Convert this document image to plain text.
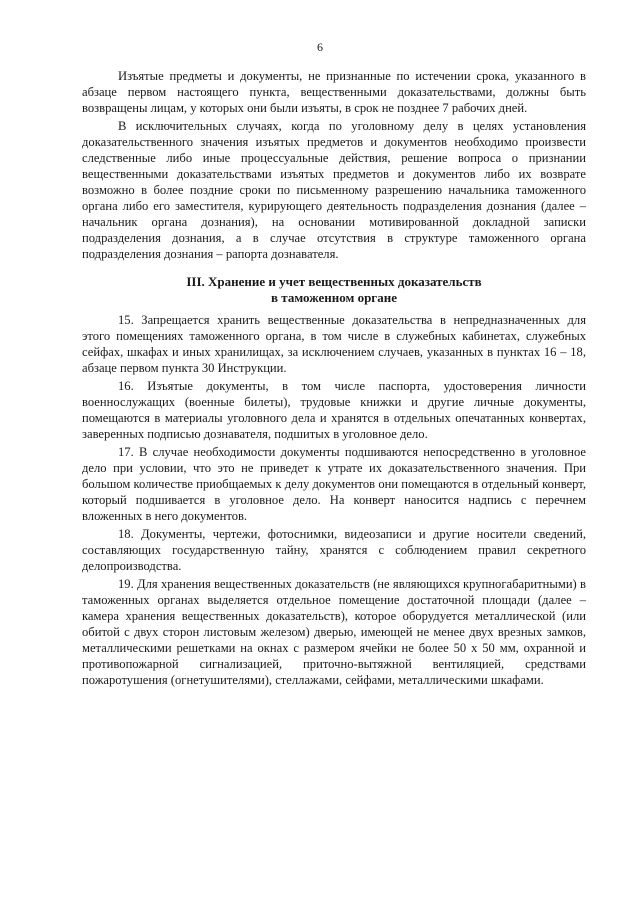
6

Изъятые предметы и документы, не признанные по истечении срока, указанного в абзаце первом настоящего пункта, вещественными доказательствами, должны быть возвращены лицам, у которых они были изъяты, в срок не позднее 7 рабочих дней.

В исключительных случаях, когда по уголовному делу в целях установления доказательственного значения изъятых предметов и документов необходимо произвести следственные либо иные процессуальные действия, решение вопроса о признании вещественными доказательствами изъятых предметов и документов либо их возврате возможно в более поздние сроки по письменному разрешению начальника таможенного органа либо его заместителя, курирующего деятельность подразделения дознания (далее – начальник органа дознания), на основании мотивированной докладной записки подразделения дознания, а в случае отсутствия в структуре таможенного органа подразделения дознания – рапорта дознавателя.

III. Хранение и учет вещественных доказательств
в таможенном органе

15. Запрещается хранить вещественные доказательства в непредназначенных для этого помещениях таможенного органа, в том числе в служебных кабинетах, служебных сейфах, шкафах и иных хранилищах, за исключением случаев, указанных в пунктах 16 – 18, абзаце первом пункта 30 Инструкции.

16. Изъятые документы, в том числе паспорта, удостоверения личности военнослужащих (военные билеты), трудовые книжки и другие личные документы, помещаются в материалы уголовного дела и хранятся в отдельных опечатанных конвертах, заверенных подписью дознавателя, подшитых в уголовное дело.

17. В случае необходимости документы подшиваются непосредственно в уголовное дело при условии, что это не приведет к утрате их доказательственного значения. При большом количестве приобщаемых к делу документов они помещаются в отдельный конверт, который подшивается в уголовное дело. На конверт наносится надпись с перечнем вложенных в него документов.

18. Документы, чертежи, фотоснимки, видеозаписи и другие носители сведений, составляющих государственную тайну, хранятся с соблюдением правил секретного делопроизводства.

19. Для хранения вещественных доказательств (не являющихся крупногабаритными) в таможенных органах выделяется отдельное помещение достаточной площади (далее – камера хранения вещественных доказательств), которое оборудуется металлической (или обитой с двух сторон листовым железом) дверью, имеющей не менее двух врезных замков, металлическими решетками на окнах с размером ячейки не более 50 х 50 мм, охранной и противопожарной сигнализацией, приточно-вытяжной вентиляцией, средствами пожаротушения (огнетушителями), стеллажами, сейфами, металлическими шкафами.
